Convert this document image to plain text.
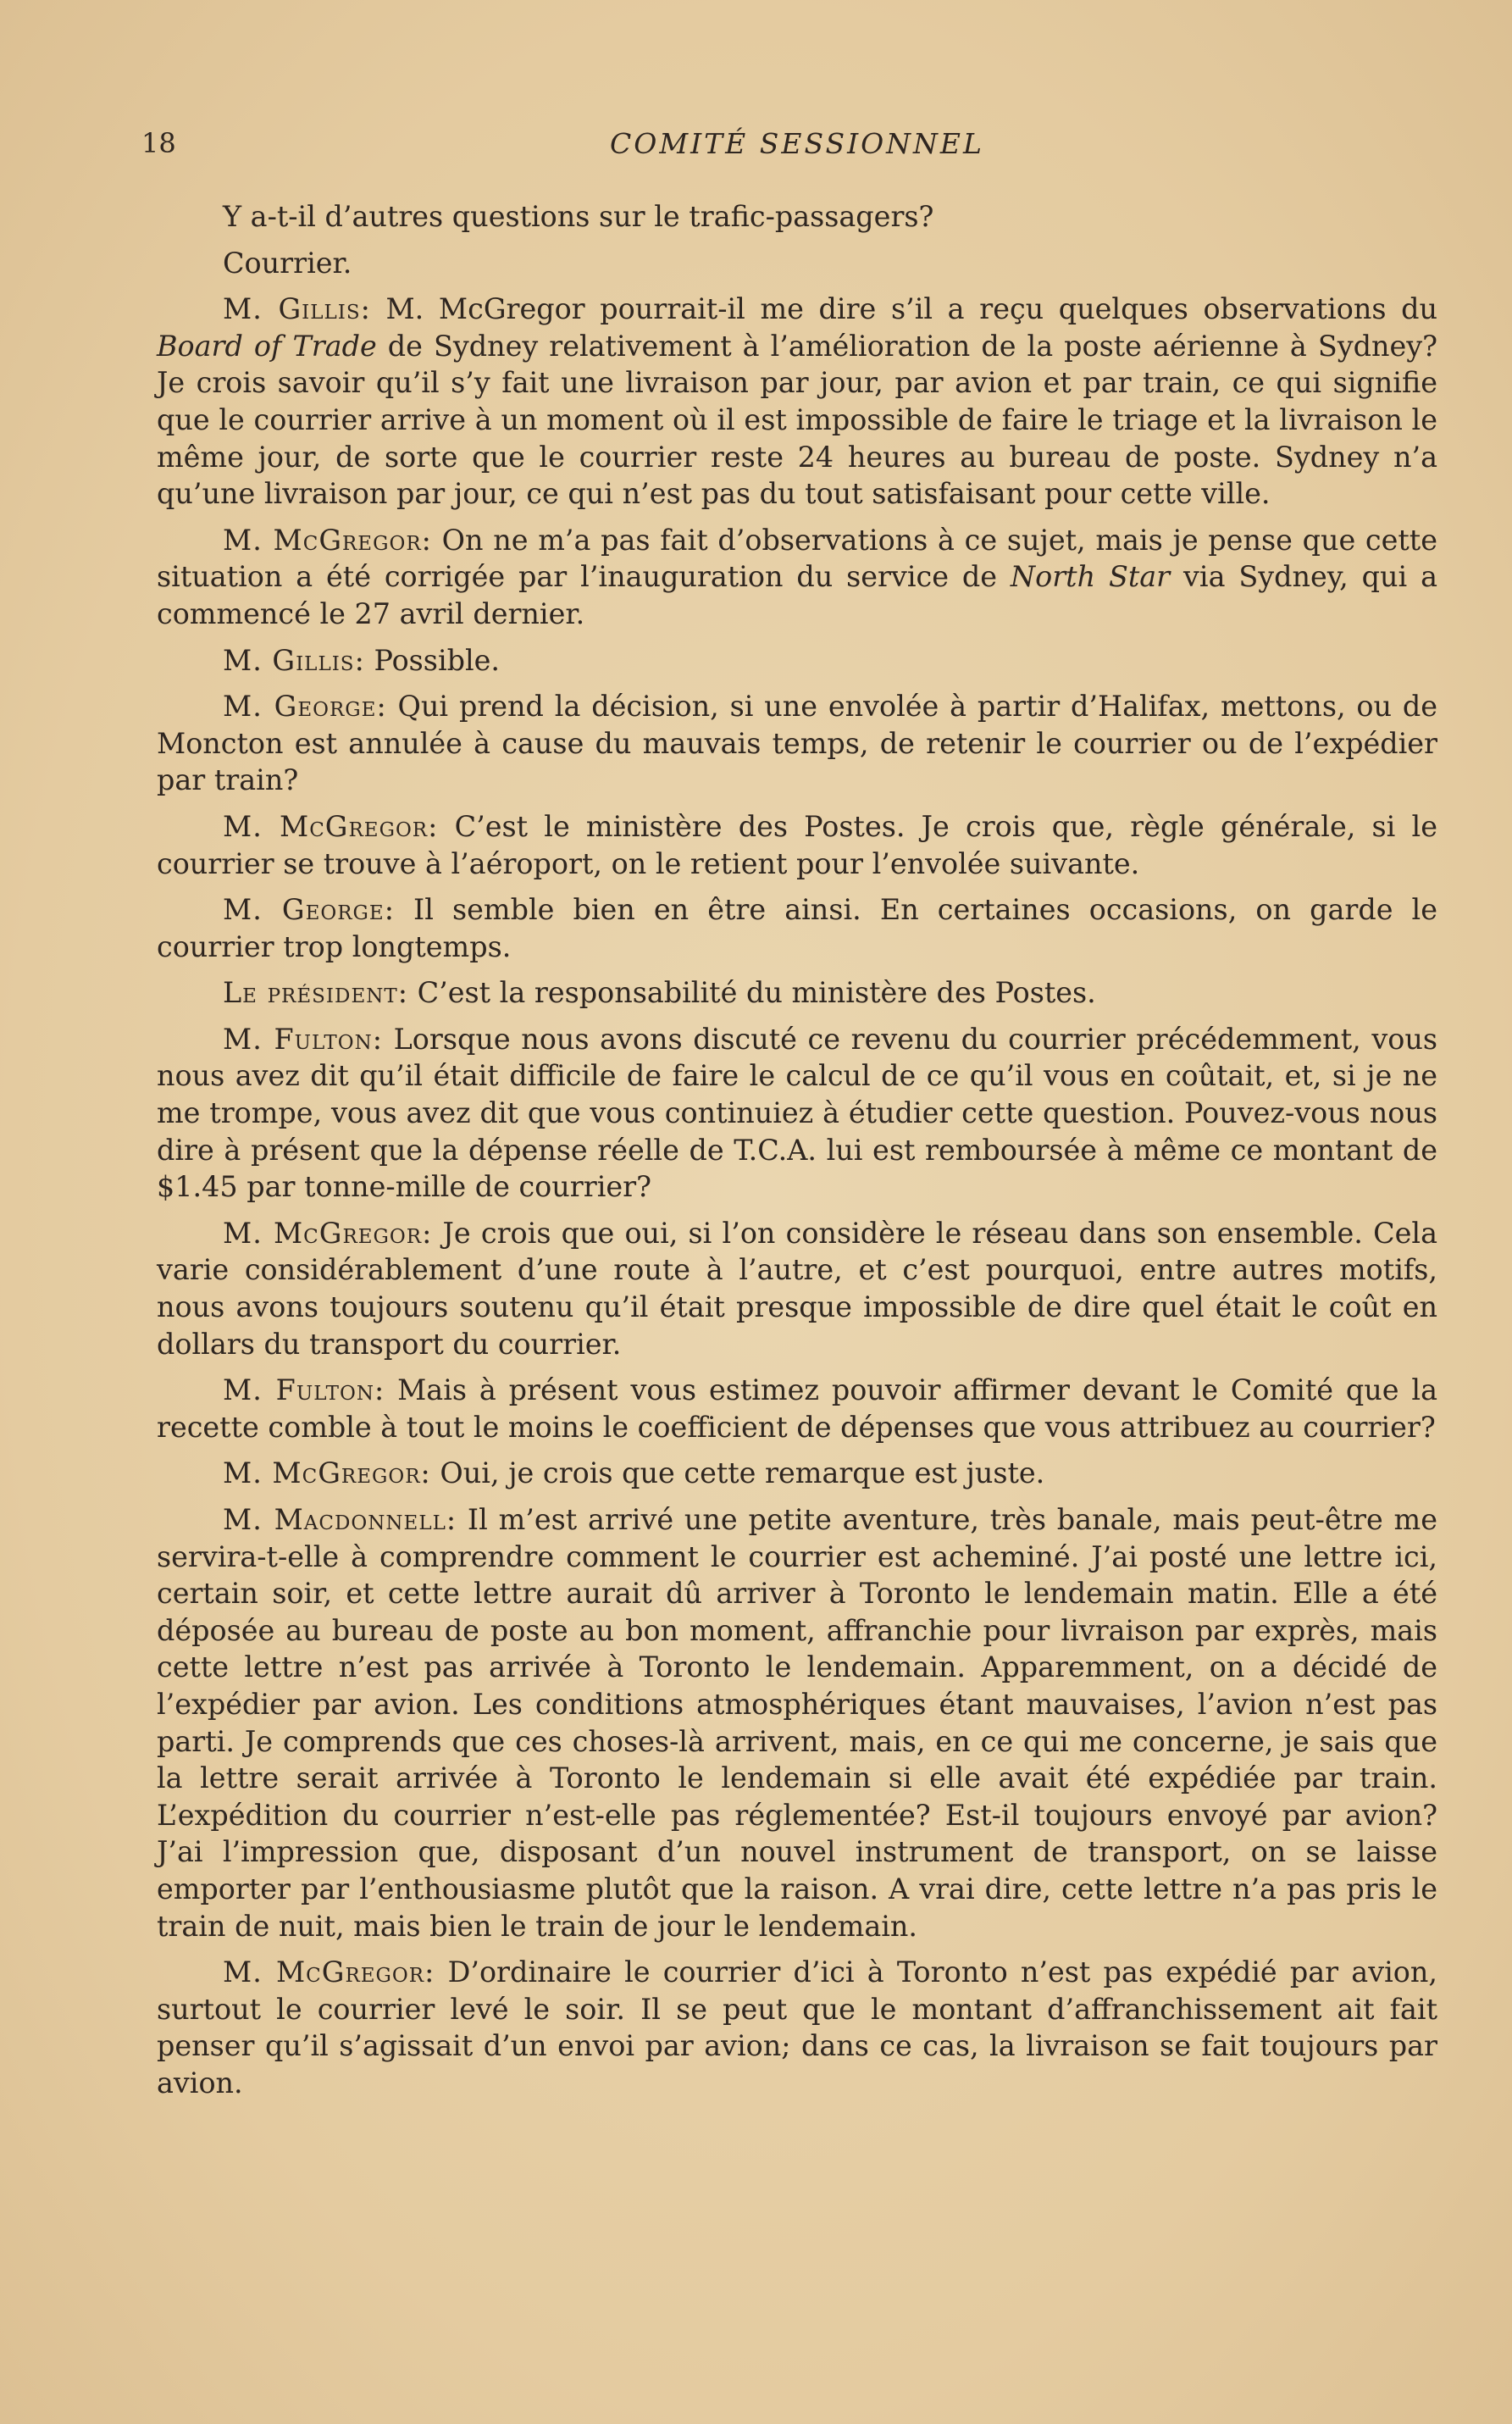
18	COMITÉ SESSIONNEL

Y a-t-il d’autres questions sur le trafic-passagers?

Courrier.

M. Gillis: M. McGregor pourrait-il me dire s’il a reçu quelques observations du Board of Trade de Sydney relativement à l’amélioration de la poste aérienne à Sydney? Je crois savoir qu’il s’y fait une livraison par jour, par avion et par train, ce qui signifie que le courrier arrive à un moment où il est impossible de faire le triage et la livraison le même jour, de sorte que le courrier reste 24 heures au bureau de poste. Sydney n’a qu’une livraison par jour, ce qui n’est pas du tout satisfaisant pour cette ville.

M. McGregor: On ne m’a pas fait d’observations à ce sujet, mais je pense que cette situation a été corrigée par l’inauguration du service de North Star via Sydney, qui a commencé le 27 avril dernier.

M. Gillis: Possible.

M. George: Qui prend la décision, si une envolée à partir d’Halifax, mettons, ou de Moncton est annulée à cause du mauvais temps, de retenir le courrier ou de l’expédier par train?

M. McGregor: C’est le ministère des Postes. Je crois que, règle générale, si le courrier se trouve à l’aéroport, on le retient pour l’envolée suivante.

M. George: Il semble bien en être ainsi. En certaines occasions, on garde le courrier trop longtemps.

Le président: C’est la responsabilité du ministère des Postes.

M. Fulton: Lorsque nous avons discuté ce revenu du courrier précédemment, vous nous avez dit qu’il était difficile de faire le calcul de ce qu’il vous en coûtait, et, si je ne me trompe, vous avez dit que vous continuiez à étudier cette question. Pouvez-vous nous dire à présent que la dépense réelle de T.C.A. lui est remboursée à même ce montant de $1.45 par tonne-mille de courrier?

M. McGregor: Je crois que oui, si l’on considère le réseau dans son ensemble. Cela varie considérablement d’une route à l’autre, et c’est pourquoi, entre autres motifs, nous avons toujours soutenu qu’il était presque impossible de dire quel était le coût en dollars du transport du courrier.

M. Fulton: Mais à présent vous estimez pouvoir affirmer devant le Comité que la recette comble à tout le moins le coefficient de dépenses que vous attribuez au courrier?

M. McGregor: Oui, je crois que cette remarque est juste.

M. Macdonnell: Il m’est arrivé une petite aventure, très banale, mais peut-être me servira-t-elle à comprendre comment le courrier est acheminé. J’ai posté une lettre ici, certain soir, et cette lettre aurait dû arriver à Toronto le lendemain matin. Elle a été déposée au bureau de poste au bon moment, affranchie pour livraison par exprès, mais cette lettre n’est pas arrivée à Toronto le lendemain. Apparemment, on a décidé de l’expédier par avion. Les conditions atmosphériques étant mauvaises, l’avion n’est pas parti. Je comprends que ces choses-là arrivent, mais, en ce qui me concerne, je sais que la lettre serait arrivée à Toronto le lendemain si elle avait été expédiée par train. L’expédition du courrier n’est-elle pas réglementée? Est-il toujours envoyé par avion? J’ai l’impression que, disposant d’un nouvel instrument de transport, on se laisse emporter par l’enthousiasme plutôt que la raison. A vrai dire, cette lettre n’a pas pris le train de nuit, mais bien le train de jour le lendemain.

M. McGregor: D’ordinaire le courrier d’ici à Toronto n’est pas expédié par avion, surtout le courrier levé le soir. Il se peut que le montant d’affranchissement ait fait penser qu’il s’agissait d’un envoi par avion; dans ce cas, la livraison se fait toujours par avion.
